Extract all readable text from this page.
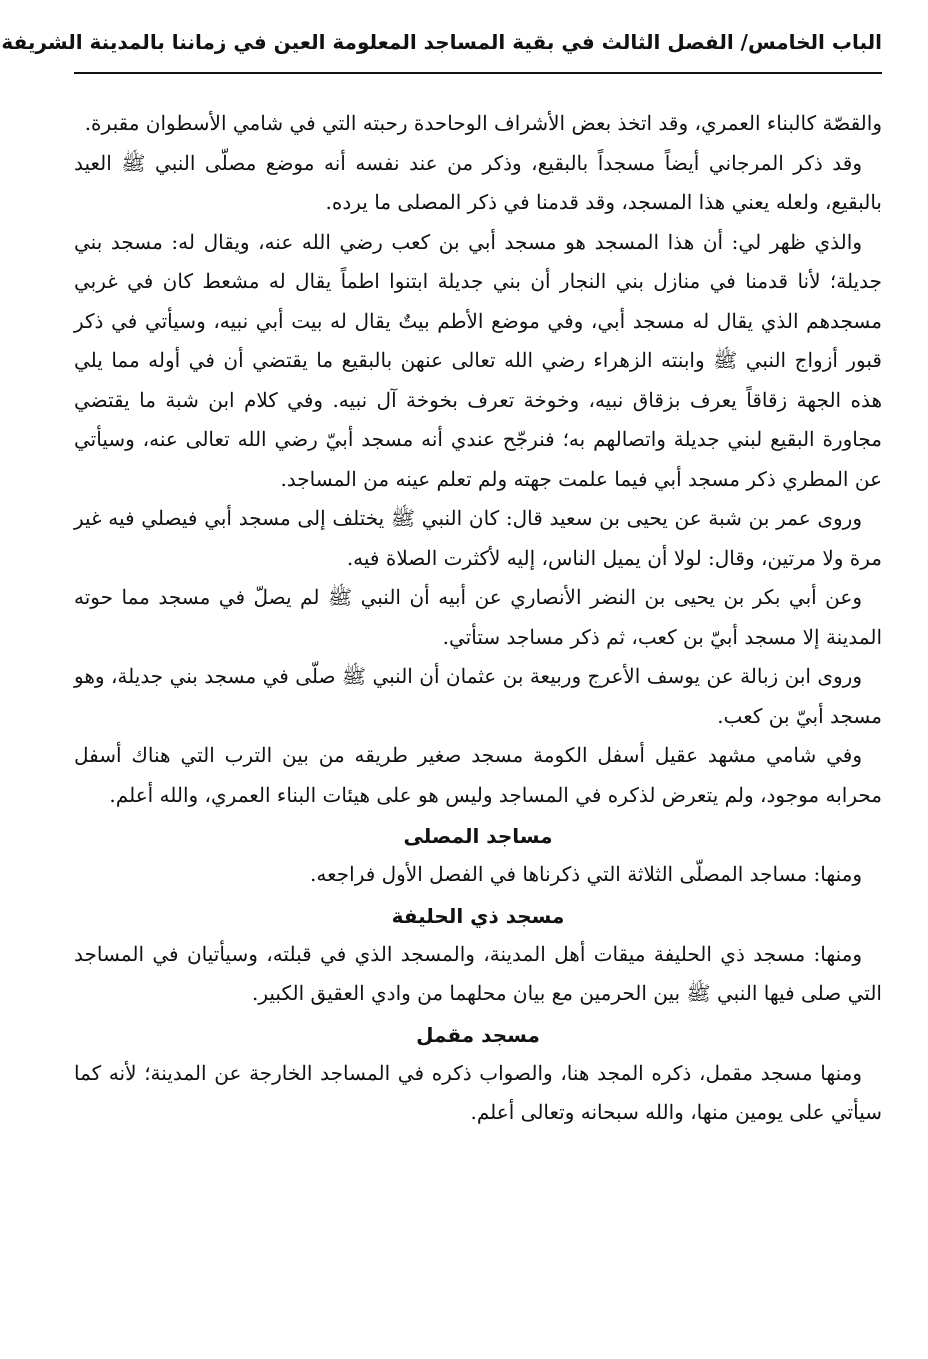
الباب الخامس/ الفصل الثالث في بقية المساجد المعلومة العين في زماننا بالمدينة الشريفة

والقصّة كالبناء العمري، وقد اتخذ بعض الأشراف الوحاحدة رحبته التي في شامي الأسطوان مقبرة.

وقد ذكر المرجاني أيضاً مسجداً بالبقيع، وذكر من عند نفسه أنه موضع مصلّى النبي ﷺ العيد بالبقيع، ولعله يعني هذا المسجد، وقد قدمنا في ذكر المصلى ما يرده.

والذي ظهر لي: أن هذا المسجد هو مسجد أبي بن كعب رضي الله عنه، ويقال له: مسجد بني جديلة؛ لأنا قدمنا في منازل بني النجار أن بني جديلة ابتنوا اطماً يقال له مشعط كان في غربي مسجدهم الذي يقال له مسجد أبي، وفي موضع الأطم بيتٌ يقال له بيت أبي نبيه، وسيأتي في ذكر قبور أزواج النبي ﷺ وابنته الزهراء رضي الله تعالى عنهن بالبقيع ما يقتضي أن في أوله مما يلي هذه الجهة زقاقاً يعرف بزقاق نبيه، وخوخة تعرف بخوخة آل نبيه. وفي كلام ابن شبة ما يقتضي مجاورة البقيع لبني جديلة واتصالهم به؛ فنرجّح عندي أنه مسجد أبيّ رضي الله تعالى عنه، وسيأتي عن المطري ذكر مسجد أبي فيما علمت جهته ولم تعلم عينه من المساجد.

وروى عمر بن شبة عن يحيى بن سعيد قال: كان النبي ﷺ يختلف إلى مسجد أبي فيصلي فيه غير مرة ولا مرتين، وقال: لولا أن يميل الناس، إليه لأكثرت الصلاة فيه.

وعن أبي بكر بن يحيى بن النضر الأنصاري عن أبيه أن النبي ﷺ لم يصلّ في مسجد مما حوته المدينة إلا مسجد أبيّ بن كعب، ثم ذكر مساجد ستأتي.

وروى ابن زبالة عن يوسف الأعرج وربيعة بن عثمان أن النبي ﷺ صلّى في مسجد بني جديلة، وهو مسجد أبيّ بن كعب.

وفي شامي مشهد عقيل أسفل الكومة مسجد صغير طريقه من بين الترب التي هناك أسفل محرابه موجود، ولم يتعرض لذكره في المساجد وليس هو على هيئات البناء العمري، والله أعلم.

مساجد المصلى

ومنها: مساجد المصلّى الثلاثة التي ذكرناها في الفصل الأول فراجعه.

مسجد ذي الحليفة

ومنها: مسجد ذي الحليفة ميقات أهل المدينة، والمسجد الذي في قبلته، وسيأتيان في المساجد التي صلى فيها النبي ﷺ بين الحرمين مع بيان محلهما من وادي العقيق الكبير.

مسجد مقمل

ومنها مسجد مقمل، ذكره المجد هنا، والصواب ذكره في المساجد الخارجة عن المدينة؛ لأنه كما سيأتي على يومين منها، والله سبحانه وتعالى أعلم.
